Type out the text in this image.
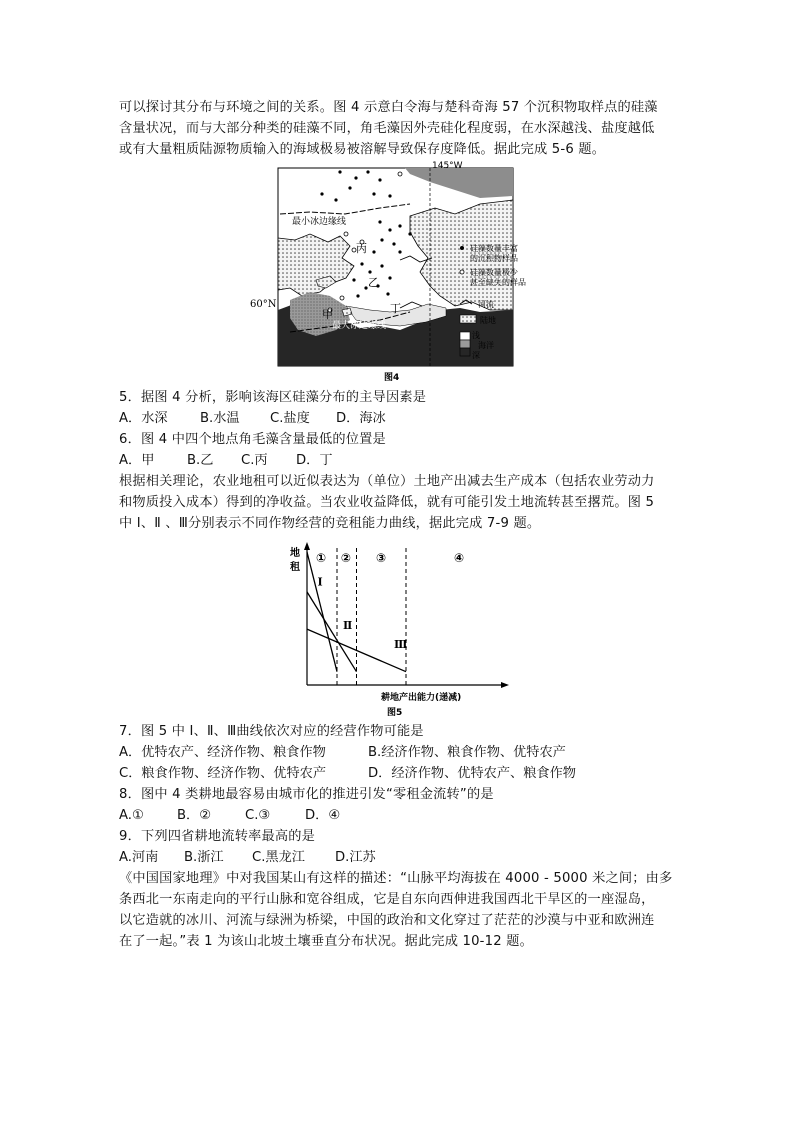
可以探讨其分布与环境之间的关系。图 4 示意白令海与楚科奇海 57 个沉积物取样点的硅藻
含量状况，而与大部分种类的硅藻不同，角毛藻因外壳硅化程度弱，在水深越浅、盐度越低
或有大量粗质陆源物质输入的海域极易被溶解导致保存度降低。据此完成 5-6 题。
145°W
60°N
最小冰边缘线
最大冰边缘线
丙
乙
甲	丁
硅藻数量丰富
的沉积物样品
硅藻数量极少
甚至缺失的样品
河流
陆地
浅
海洋
深
图4
5．据图 4 分析，影响该海区硅藻分布的主导因素是
A．水深 B.水温 C.盐度 D．海冰
6．图 4 中四个地点角毛藻含量最低的位置是
A．甲 B.乙 C.丙 D．丁
根据相关理论，农业地租可以近似表达为（单位）土地产出减去生产成本（包括农业劳动力
和物质投入成本）得到的净收益。当农业收益降低，就有可能引发土地流转甚至撂荒。图 5
中 Ⅰ、Ⅱ 、Ⅲ分别表示不同作物经营的竞租能力曲线，据此完成 7-9 题。
地
租
① ② ③	④
Ⅰ
Ⅱ
Ⅲ
耕地产出能力(递减)
图5
7．图 5 中 Ⅰ、Ⅱ、Ⅲ曲线依次对应的经营作物可能是
A．优特农产、经济作物、粮食作物	B.经济作物、粮食作物、优特农产
C．粮食作物、经济作物、优特农产	D．经济作物、优特农产、粮食作物
8．图中 4 类耕地最容易由城市化的推进引发“零租金流转”的是
A.①	B．②	C.③	D．④
9．下列四省耕地流转率最高的是
A.河南 B.浙江 C.黑龙江 D.江苏
《中国国家地理》中对我国某山有这样的描述：“山脉平均海拔在 4000 - 5000 米之间；由多
条西北一东南走向的平行山脉和宽谷组成，它是自东向西伸进我国西北干旱区的一座湿岛，
以它造就的冰川、河流与绿洲为桥梁，中国的政治和文化穿过了茫茫的沙漠与中亚和欧洲连
在了一起。”表 1 为该山北坡土壤垂直分布状况。据此完成 10-12 题。
